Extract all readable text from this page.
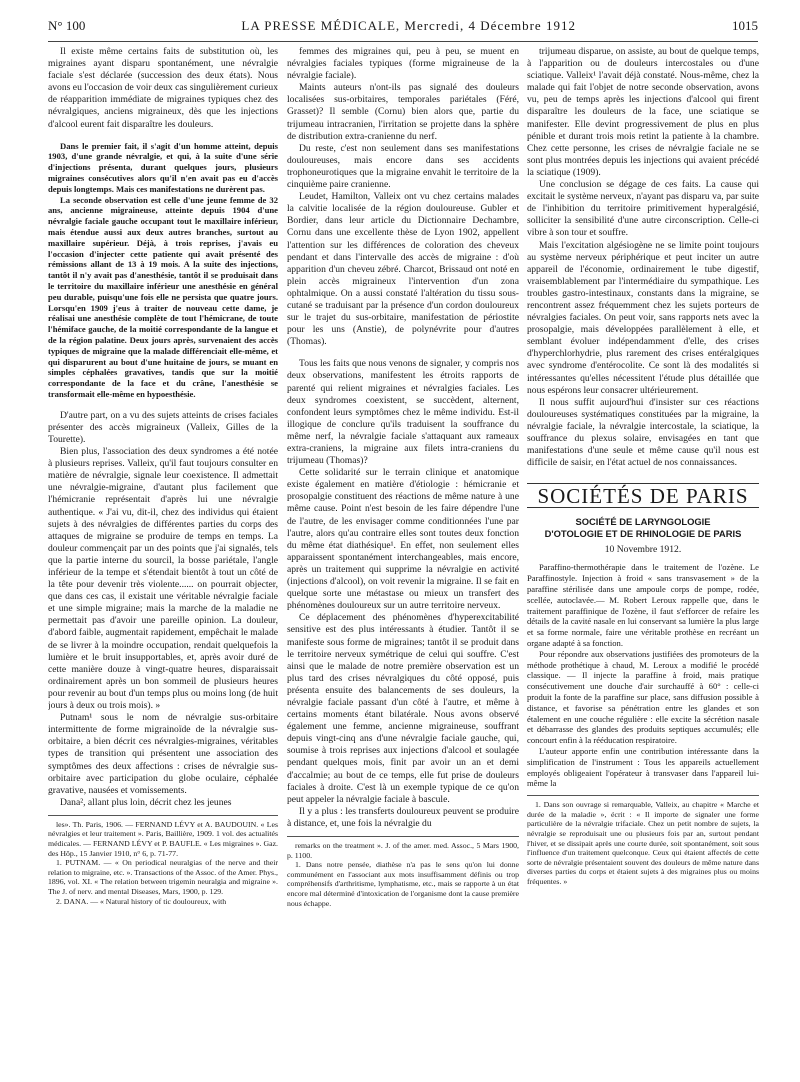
N° 100	LA PRESSE MÉDICALE, Mercredi, 4 Décembre 1912	1015

Il existe même certains faits de substitution où, les migraines ayant disparu spontanément, une névralgie faciale s'est déclarée (succession des deux états). Nous avons eu l'occasion de voir deux cas singulièrement curieux de réapparition immédiate de migraines typiques chez des névralgiques, anciens migraineux, dès que les injections d'alcool eurent fait disparaître les douleurs.

Dans le premier fait, il s'agit d'un homme atteint, depuis 1903, d'une grande névralgie, et qui, à la suite d'une série d'injections présenta, durant quelques jours, plusieurs migraines consécutives alors qu'il n'en avait pas eu d'accès depuis longtemps. Mais ces manifestations ne durèrent pas.

La seconde observation est celle d'une jeune femme de 32 ans, ancienne migraineuse, atteinte depuis 1904 d'une névralgie faciale gauche occupant tout le maxillaire inférieur, mais étendue aussi aux deux autres branches, surtout au maxillaire supérieur. Déjà, à trois reprises, j'avais eu l'occasion d'injecter cette patiente qui avait présenté des rémissions allant de 13 à 19 mois. A la suite des injections, tantôt il n'y avait pas d'anesthésie, tantôt il se produisait dans le territoire du maxillaire inférieur une anesthésie en général peu durable, puisqu'une fois elle ne persista que quatre jours. Lorsqu'en 1909 j'eus à traiter de nouveau cette dame, je réalisai une anesthésie complète de tout l'hémicrane, de toute l'hémiface gauche, de la moitié correspondante de la langue et de la région palatine. Deux jours après, survenaient des accès typiques de migraine que la malade différenciait elle-même, et qui disparurent au bout d'une huitaine de jours, se muant en simples céphalées gravatives, tandis que sur la moitié correspondante de la face et du crâne, l'anesthésie se transformait elle-même en hypoesthésie.

D'autre part, on a vu des sujets atteints de crises faciales présenter des accès migraineux (Valleix, Gilles de la Tourette).

Bien plus, l'association des deux syndromes a été notée à plusieurs reprises. Valleix, qu'il faut toujours consulter en matière de névralgie, signale leur coexistence. Il admettait une névralgie-migraine, d'autant plus facilement que l'hémicranie représentait d'après lui une névralgie authentique. « J'ai vu, dit-il, chez des individus qui étaient sujets à des névralgies de différentes parties du corps des attaques de migraine se produire de temps en temps. La douleur commençait par un des points que j'ai signalés, tels que la partie interne du sourcil, la bosse pariétale, l'angle inférieur de la tempe et s'étendait bientôt à tout un côté de la tête pour devenir très violente...... on pourrait objecter, que dans ces cas, il existait une véritable névralgie faciale et une simple migraine; mais la marche de la maladie ne permettait pas d'avoir une pareille opinion. La douleur, d'abord faible, augmentait rapidement, empêchait le malade de se livrer à la moindre occupation, rendait quelquefois la lumière et le bruit insupportables, et, après avoir duré de cette manière douze à vingt-quatre heures, disparaissait ordinairement après un bon sommeil de plusieurs heures pour revenir au bout d'un temps plus ou moins long (de huit jours à deux ou trois mois). »

Putnam¹ sous le nom de névralgie sus-orbitaire intermittente de forme migrainoïde de la névralgie sus-orbitaire, a bien décrit ces névralgies-migraines, véritables types de transition qui présentent une association des symptômes des deux affections : crises de névralgie sus-orbitaire avec participation du globe oculaire, céphalée gravative, nausées et vomissements.

Dana², allant plus loin, décrit chez les jeunes

les». Th. Paris, 1906. — FERNAND LÉVY et A. BAUDOUIN. « Les névralgies et leur traitement ». Paris, Baillière, 1909. 1 vol. des actualités médicales. — FERNAND LÉVY et P. BAUFLE. « Les migraines ». Gaz. des Hôp., 15 Janvier 1910, n° 6, p. 71-77.

1. PUTNAM. — « On periodical neuralgias of the nerve and their relation to migraine, etc. ». Transactions of the Assoc. of the Amer. Phys., 1896, vol. XI. « The relation between trigemin neuralgia and migraine ». The J. of nerv. and mental Diseases, Mars, 1900, p. 129.

2. DANA. — « Natural history of tic douloureux, with

femmes des migraines qui, peu à peu, se muent en névralgies faciales typiques (forme migraineuse de la névralgie faciale).

Maints auteurs n'ont-ils pas signalé des douleurs localisées sus-orbitaires, temporales pariétales (Féré, Grasset)? Il semble (Cornu) bien alors que, partie du trijumeau intracranien, l'irritation se projette dans la sphère de distribution extra-cranienne du nerf.

Du reste, c'est non seulement dans ses manifestations douloureuses, mais encore dans ses accidents trophoneurotiques que la migraine envahit le territoire de la cinquième paire cranienne.

Leudet, Hamilton, Valleix ont vu chez certains malades la calvitie localisée de la région douloureuse. Gubler et Bordier, dans leur article du Dictionnaire Dechambre, Cornu dans une excellente thèse de Lyon 1902, appellent l'attention sur les différences de coloration des cheveux pendant et dans l'intervalle des accès de migraine : d'où apparition d'un cheveu zébré. Charcot, Brissaud ont noté en plein accès migraineux l'intervention d'un zona ophtalmique. On a aussi constaté l'altération du tissu sous-cutané se traduisant par la présence d'un cordon douloureux sur le trajet du sus-orbitaire, manifestation de périostite pour les uns (Anstie), de polynévrite pour d'autres (Thomas).

Tous les faits que nous venons de signaler, y compris nos deux observations, manifestent les étroits rapports de parenté qui relient migraines et névralgies faciales. Les deux syndromes coexistent, se succèdent, alternent, confondent leurs symptômes chez le même individu. Est-il illogique de conclure qu'ils traduisent la souffrance du même nerf, la névralgie faciale s'attaquant aux rameaux extra-craniens, la migraine aux filets intra-craniens du trijumeau (Thomas)?

Cette solidarité sur le terrain clinique et anatomique existe également en matière d'étiologie : hémicranie et prosopalgie constituent des réactions de même nature à une même cause. Point n'est besoin de les faire dépendre l'une de l'autre, de les envisager comme conditionnées l'une par l'autre, alors qu'au contraire elles sont toutes deux fonction du même état diathésique¹. En effet, non seulement elles apparaissent spontanément interchangeables, mais encore, après un traitement qui supprime la névralgie en activité (injections d'alcool), on voit revenir la migraine. Il se fait en quelque sorte une métastase ou mieux un transfert des phénomènes douloureux sur un autre territoire nerveux.

Ce déplacement des phénomènes d'hyperexcitabilité sensitive est des plus intéressants à étudier. Tantôt il se manifeste sous forme de migraines; tantôt il se produit dans le territoire nerveux symétrique de celui qui souffre. C'est ainsi que le malade de notre première observation est un plus tard des crises névralgiques du côté opposé, puis présenta ensuite des balancements de ses douleurs, la névralgie faciale passant d'un côté à l'autre, et même à certains moments étant bilatérale. Nous avons observé également une femme, ancienne migraineuse, souffrant depuis vingt-cinq ans d'une névralgie faciale gauche, qui, soumise à trois reprises aux injections d'alcool et soulagée pendant quelques mois, finit par avoir un an et demi d'accalmie; au bout de ce temps, elle fut prise de douleurs faciales à droite. C'est là un exemple typique de ce qu'on peut appeler la névralgie faciale à bascule.

Il y a plus : les transferts douloureux peuvent se produire à distance, et, une fois la névralgie du

remarks on the treatment ». J. of the amer. med. Assoc., 5 Mars 1900, p. 1100.

1. Dans notre pensée, diathèse n'a pas le sens qu'on lui donne communément en l'associant aux mots insuffisamment définis ou trop compréhensifs d'arthritisme, lymphatisme, etc., mais se rapporte à un état encore mal déterminé d'intoxication de l'organisme dont la cause première nous échappe.

trijumeau disparue, on assiste, au bout de quelque temps, à l'apparition ou de douleurs intercostales ou d'une sciatique. Valleix¹ l'avait déjà constaté. Nous-même, chez la malade qui fait l'objet de notre seconde observation, avons vu, peu de temps après les injections d'alcool qui firent disparaître les douleurs de la face, une sciatique se manifester. Elle devint progressivement de plus en plus pénible et durant trois mois retint la patiente à la chambre. Chez cette personne, les crises de névralgie faciale ne se sont plus montrées depuis les injections qui avaient précédé la sciatique (1909).

Une conclusion se dégage de ces faits. La cause qui excitait le système nerveux, n'ayant pas disparu va, par suite de l'inhibition du territoire primitivement hyperalgésié, solliciter la sensibilité d'une autre circonscription. Celle-ci vibre à son tour et souffre.

Mais l'excitation algésiogène ne se limite point toujours au système nerveux périphérique et peut inciter un autre appareil de l'économie, ordinairement le tube digestif, vraisemblablement par l'intermédiaire du sympathique. Les troubles gastro-intestinaux, constants dans la migraine, se rencontrent assez fréquemment chez les sujets porteurs de névralgies faciales. On peut voir, sans rapports nets avec la prosopalgie, mais développées parallèlement à elle, et semblant évoluer indépendamment d'elle, des crises d'hyperchlorhydrie, plus rarement des crises entéralgiques avec syndrome d'entérocolite. Ce sont là des modalités si intéressantes qu'elles nécessitent l'étude plus détaillée que nous espérons leur consacrer ultérieurement.

Il nous suffit aujourd'hui d'insister sur ces réactions douloureuses systématiques constituées par la migraine, la névralgie faciale, la névralgie intercostale, la sciatique, la souffrance du plexus solaire, envisagées en tant que manifestations d'une seule et même cause qu'il nous est difficile de saisir, en l'état actuel de nos connaissances.

SOCIÉTÉS DE PARIS
SOCIÉTÉ DE LARYNGOLOGIE
D'OTOLOGIE ET DE RHINOLOGIE DE PARIS

10 Novembre 1912.

Paraffino-thermothérapie dans le traitement de l'ozène. Le Paraffinostyle. Injection à froid « sans transvasement » de la paraffine stérilisée dans une ampoule corps de pompe, rodée, scellée, autoclavée.— M. Robert Leroux rappelle que, dans le traitement paraffinique de l'ozène, il faut s'efforcer de refaire les détails de la cavité nasale en lui conservant sa lumière la plus large et sa forme normale, faire une véritable prothèse en recréant un organe adapté à sa fonction.

Pour répondre aux observations justifiées des promoteurs de la méthode prothétique à chaud, M. Leroux a modifié le procédé classique. — Il injecte la paraffine à froid, mais pratique consécutivement une douche d'air surchauffé à 60° : celle-ci produit la fonte de la paraffine sur place, sans diffusion possible à distance, et favorise sa pénétration entre les glandes et son étalement en une couche régulière : elle excite la sécrétion nasale et débarrasse des glandes des produits septiques accumulés; elle concourt enfin à la rééducation respiratoire.

L'auteur apporte enfin une contribution intéressante dans la simplification de l'instrument : Tous les appareils actuellement employés obligeaient l'opérateur à transvaser dans l'appareil lui-même la

1. Dans son ouvrage si remarquable, Valleix, au chapitre « Marche et durée de la maladie », écrit : « Il importe de signaler une forme particulière de la névralgie trifaciale. Chez un petit nombre de sujets, la névralgie se reproduisait une ou plusieurs fois par an, surtout pendant l'hiver, et se dissipait après une courte durée, soit spontanément, soit sous l'influence d'un traitement quelconque. Ceux qui étaient affectés de cette sorte de névralgie présentaient souvent des douleurs de même nature dans diverses parties du corps et étaient sujets à des migraines plus ou moins fréquentes. »
